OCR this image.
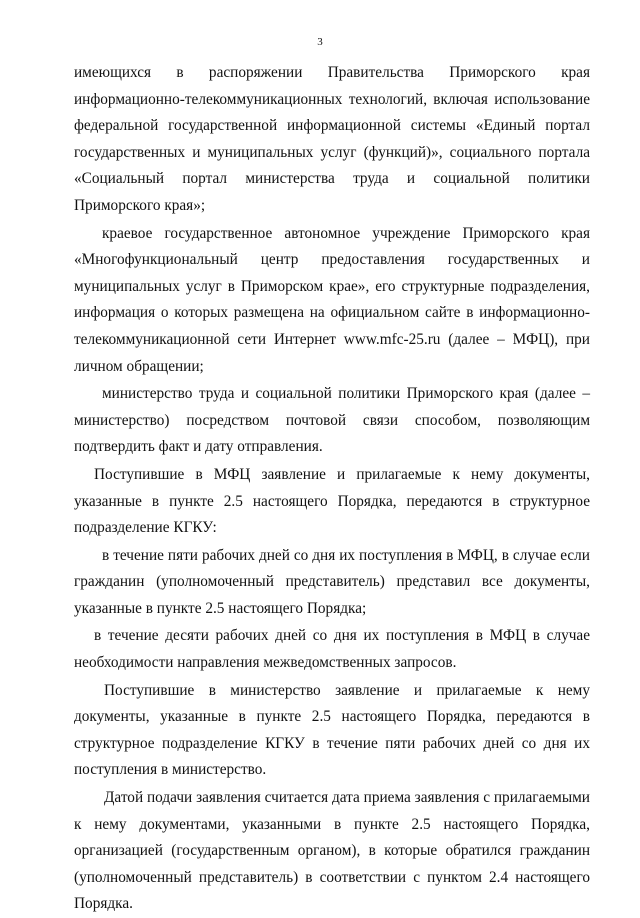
3

имеющихся в распоряжении Правительства Приморского края информационно-телекоммуникационных технологий, включая использование федеральной государственной информационной системы «Единый портал государственных и муниципальных услуг (функций)», социального портала «Социальный портал министерства труда и социальной политики Приморского края»;

краевое государственное автономное учреждение Приморского края «Многофункциональный центр предоставления государственных и муниципальных услуг в Приморском крае», его структурные подразделения, информация о которых размещена на официальном сайте в информационно-телекоммуникационной сети Интернет www.mfc-25.ru (далее – МФЦ), при личном обращении;

министерство труда и социальной политики Приморского края (далее – министерство) посредством почтовой связи способом, позволяющим подтвердить факт и дату отправления.

Поступившие в МФЦ заявление и прилагаемые к нему документы, указанные в пункте 2.5 настоящего Порядка, передаются в структурное подразделение КГКУ:

в течение пяти рабочих дней со дня их поступления в МФЦ, в случае если гражданин (уполномоченный представитель) представил все документы, указанные в пункте 2.5 настоящего Порядка;

в течение десяти рабочих дней со дня их поступления в МФЦ в случае необходимости направления межведомственных запросов.

Поступившие в министерство заявление и прилагаемые к нему документы, указанные в пункте 2.5 настоящего Порядка, передаются в структурное подразделение КГКУ в течение пяти рабочих дней со дня их поступления в министерство.

Датой подачи заявления считается дата приема заявления с прилагаемыми к нему документами, указанными в пункте 2.5 настоящего Порядка, организацией (государственным органом), в которые обратился гражданин (уполномоченный представитель) в соответствии с пунктом 2.4 настоящего Порядка.
